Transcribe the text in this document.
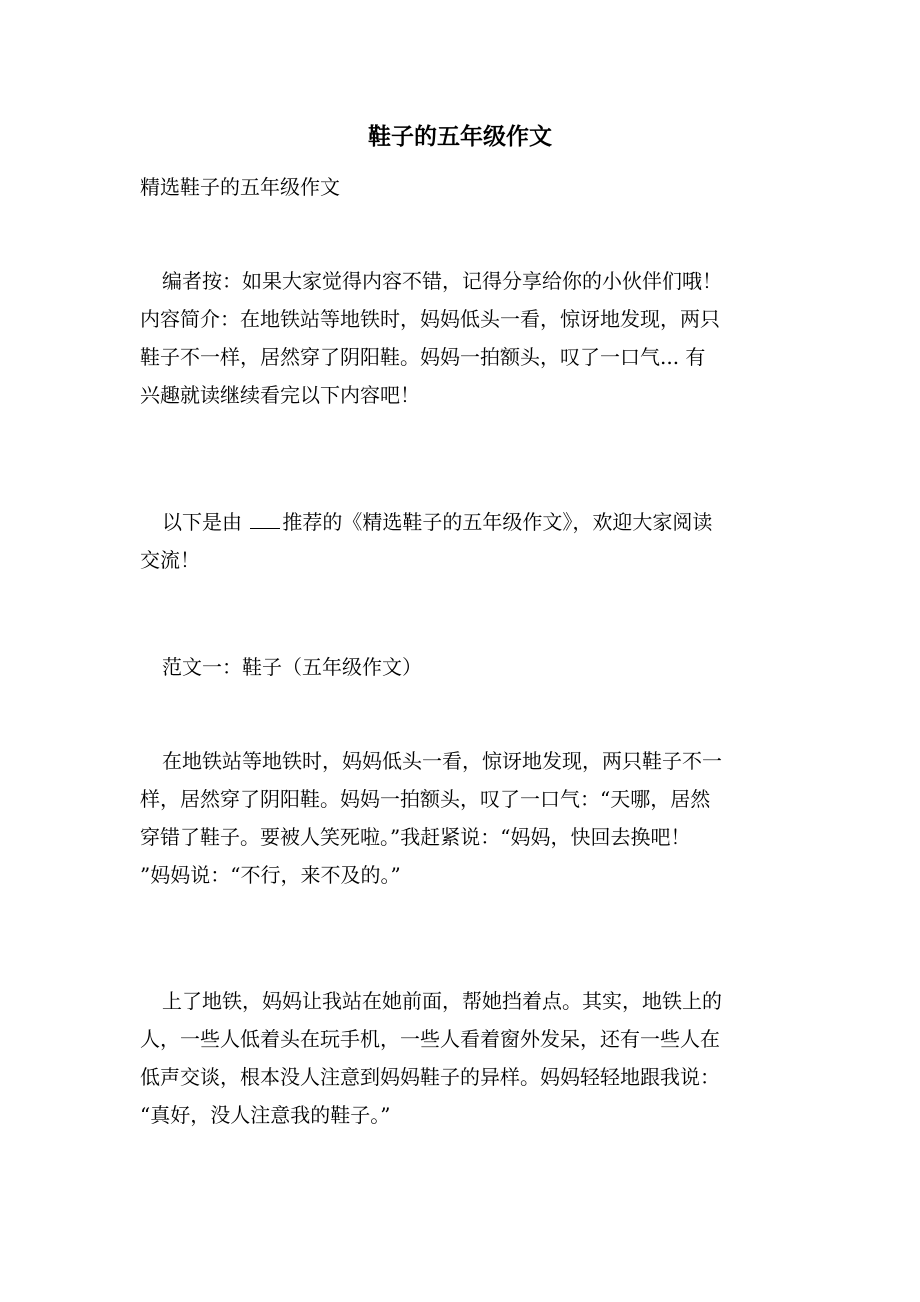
鞋子的五年级作文
精选鞋子的五年级作文
编者按：如果大家觉得内容不错，记得分享给你的小伙伴们哦！
内容简介：在地铁站等地铁时，妈妈低头一看，惊讶地发现，两只
鞋子不一样，居然穿了阴阳鞋。妈妈一拍额头，叹了一口气... 有
兴趣就读继续看完以下内容吧！
以下是由 推荐的《精选鞋子的五年级作文》，欢迎大家阅读
交流！
范文一：鞋子（五年级作文）
在地铁站等地铁时，妈妈低头一看，惊讶地发现，两只鞋子不一
样，居然穿了阴阳鞋。妈妈一拍额头，叹了一口气：“天哪，居然
穿错了鞋子。要被人笑死啦。”我赶紧说：“妈妈，快回去换吧！
”妈妈说：“不行，来不及的。”
上了地铁，妈妈让我站在她前面，帮她挡着点。其实，地铁上的
人，一些人低着头在玩手机，一些人看着窗外发呆，还有一些人在
低声交谈，根本没人注意到妈妈鞋子的异样。妈妈轻轻地跟我说：
“真好，没人注意我的鞋子。”
